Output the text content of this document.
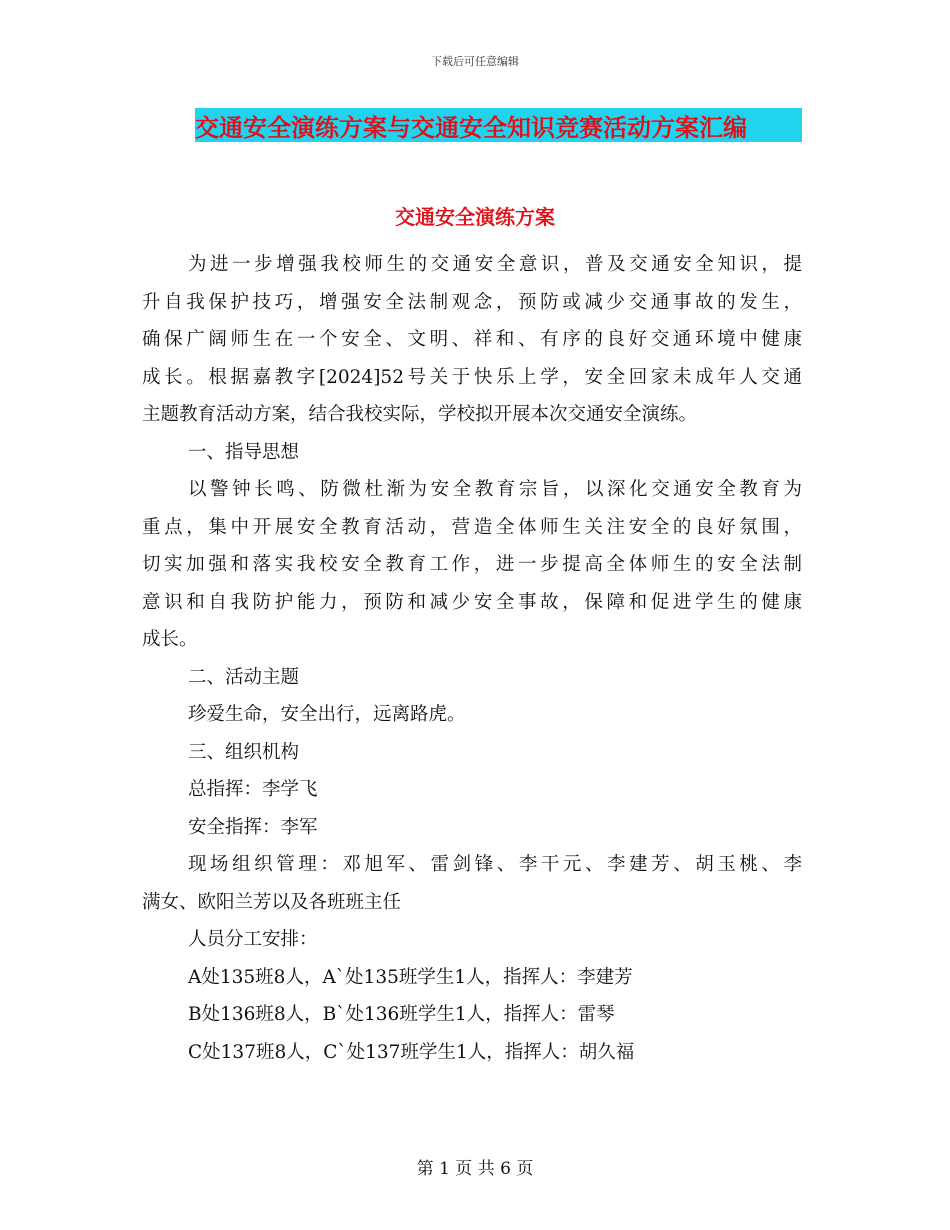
下载后可任意编辑
交通安全演练方案与交通安全知识竞赛活动方案汇编
交通安全演练方案
为进一步增强我校师生的交通安全意识，普及交通安全知识，提
升自我保护技巧，增强安全法制观念，预防或减少交通事故的发生，
确保广阔师生在一个安全、文明、祥和、有序的良好交通环境中健康
成长。根据嘉教字[2024]52号关于快乐上学，安全回家未成年人交通
主题教育活动方案，结合我校实际，学校拟开展本次交通安全演练。
一、指导思想
以警钟长鸣、防微杜渐为安全教育宗旨，以深化交通安全教育为
重点，集中开展安全教育活动，营造全体师生关注安全的良好氛围，
切实加强和落实我校安全教育工作，进一步提高全体师生的安全法制
意识和自我防护能力，预防和减少安全事故，保障和促进学生的健康
成长。
二、活动主题
珍爱生命，安全出行，远离路虎。
三、组织机构
总指挥：李学飞
安全指挥：李军
现场组织管理：邓旭军、雷剑锋、李干元、李建芳、胡玉桃、李
满女、欧阳兰芳以及各班班主任
人员分工安排：
A处135班8人，A`处135班学生1人，指挥人：李建芳
B处136班8人，B`处136班学生1人，指挥人：雷琴
C处137班8人，C`处137班学生1人，指挥人：胡久福
第 1 页 共 6 页
